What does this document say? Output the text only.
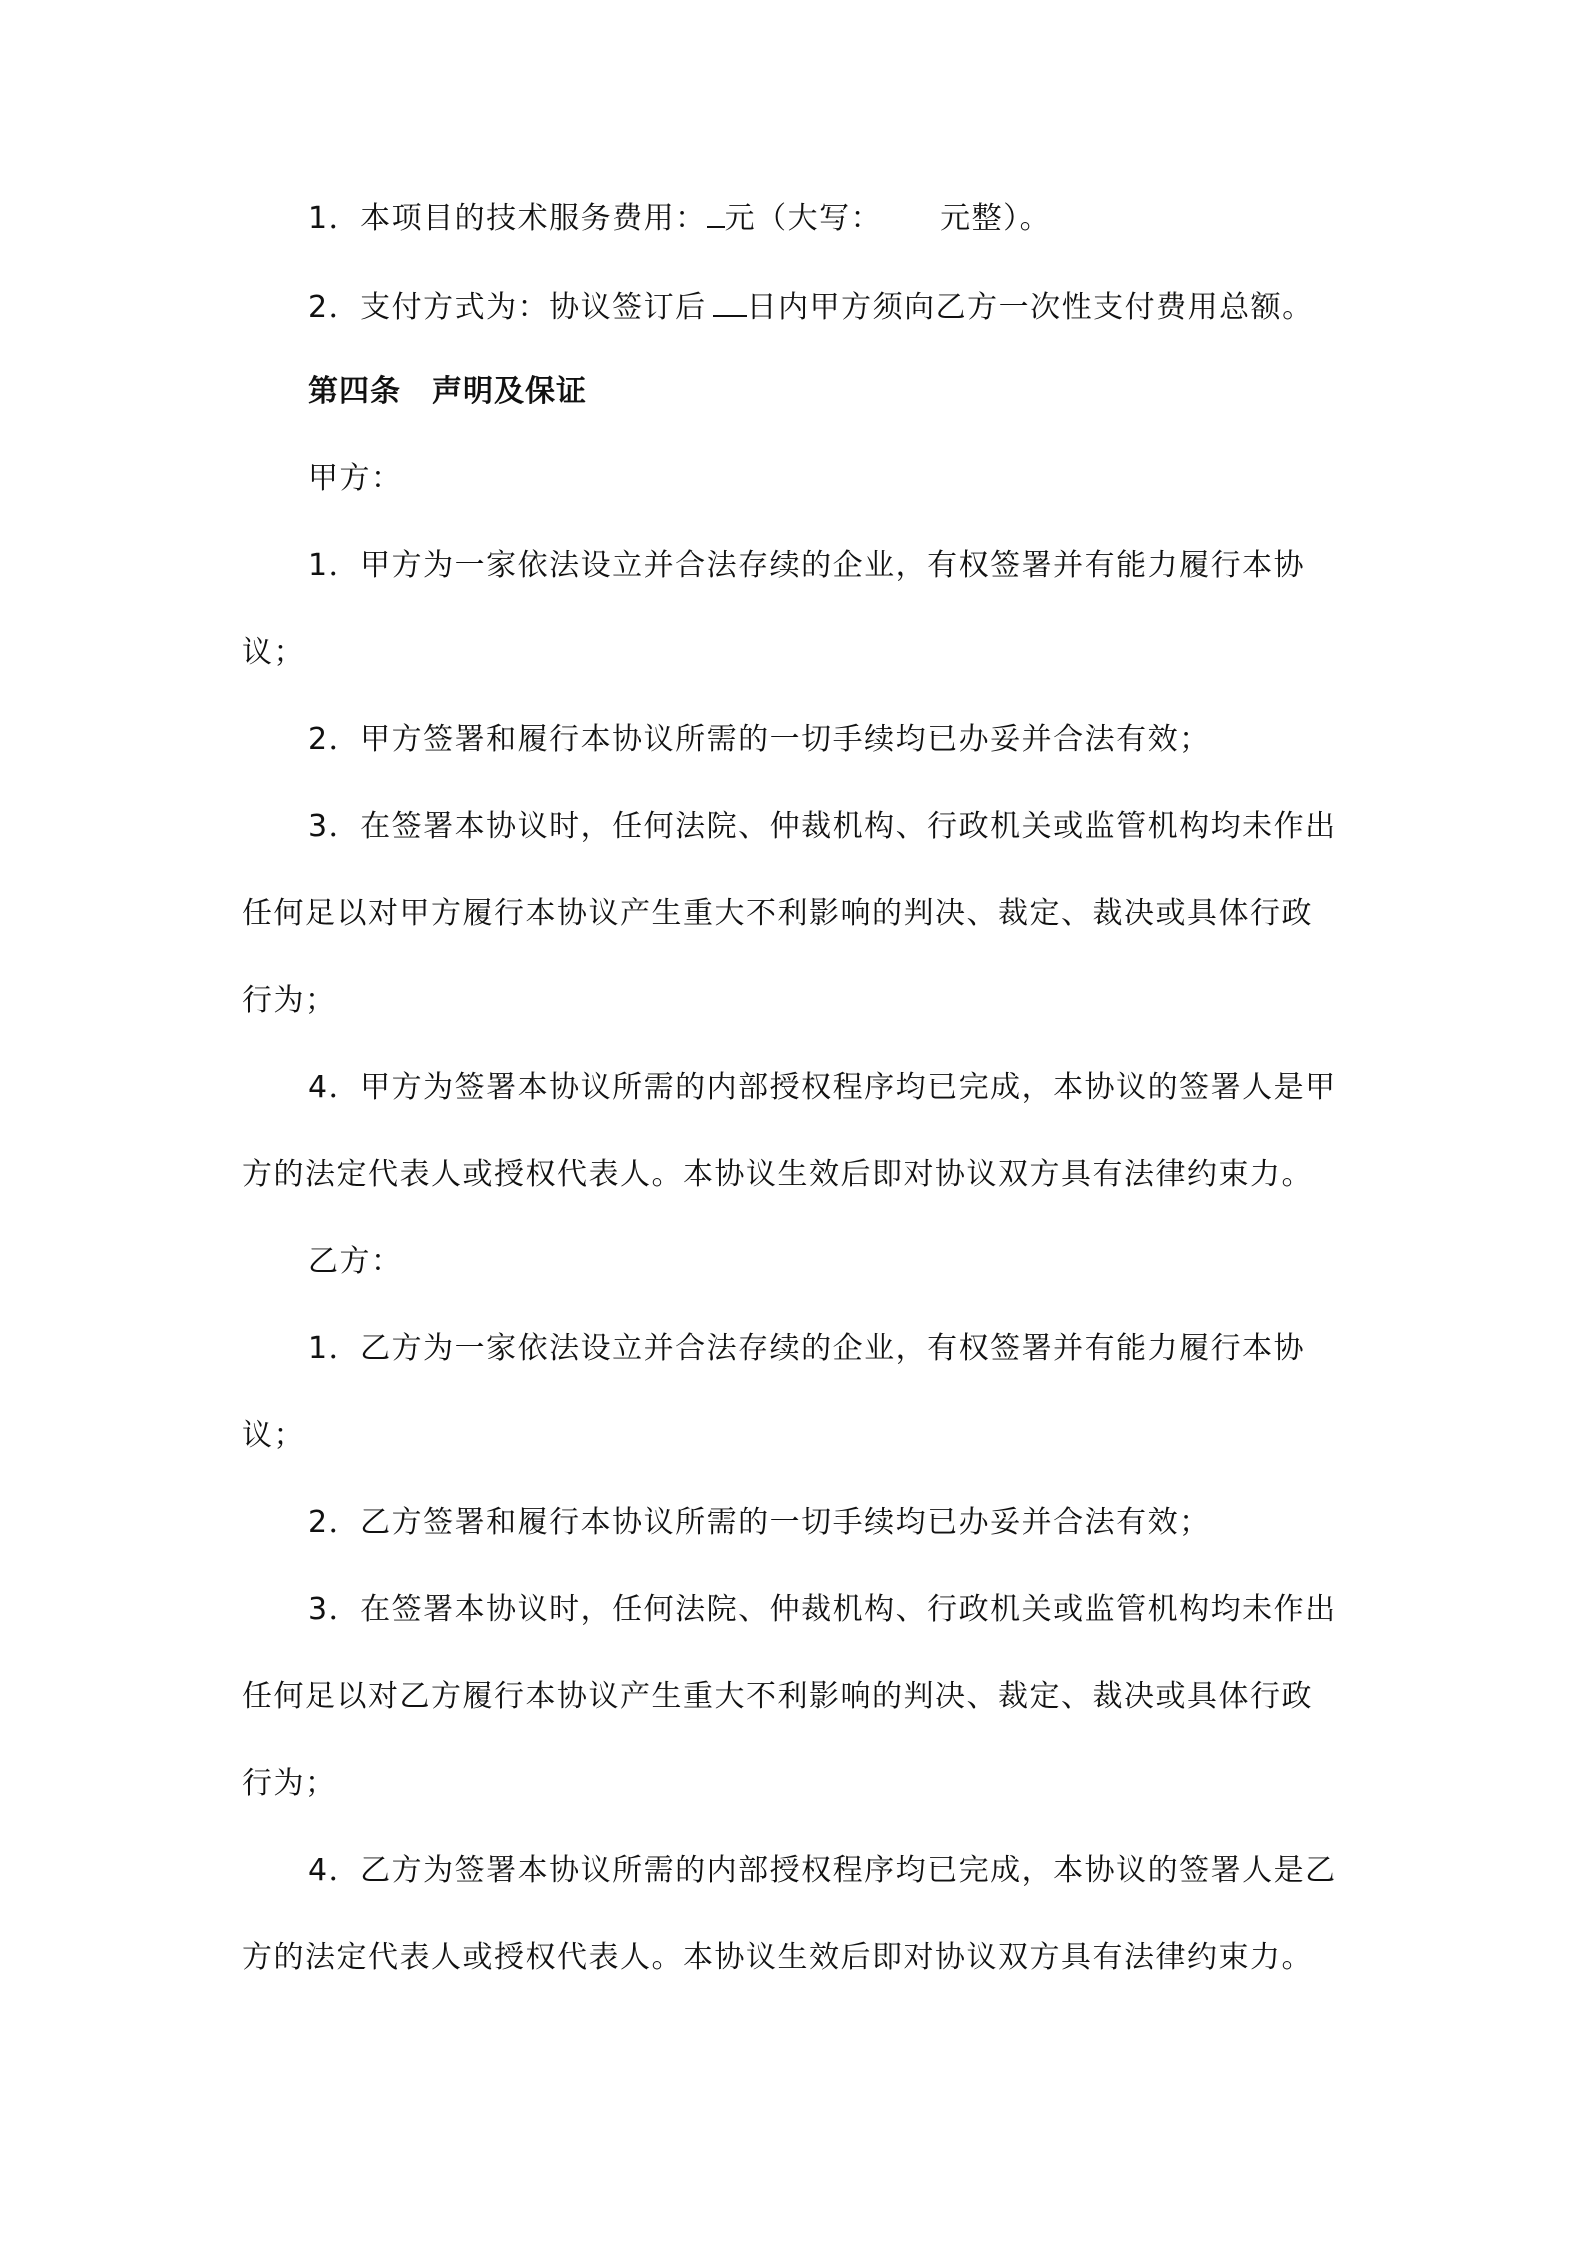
1．本项目的技术服务费用： 元（大写： 元整）。
2．支付方式为：协议签订后 日内甲方须向乙方一次性支付费用总额。
第四条　声明及保证
甲方：
1．甲方为一家依法设立并合法存续的企业，有权签署并有能力履行本协
议；
2．甲方签署和履行本协议所需的一切手续均已办妥并合法有效；
3．在签署本协议时，任何法院、仲裁机构、行政机关或监管机构均未作出
任何足以对甲方履行本协议产生重大不利影响的判决、裁定、裁决或具体行政
行为；
4．甲方为签署本协议所需的内部授权程序均已完成，本协议的签署人是甲
方的法定代表人或授权代表人。本协议生效后即对协议双方具有法律约束力。
乙方：
1．乙方为一家依法设立并合法存续的企业，有权签署并有能力履行本协
议；
2．乙方签署和履行本协议所需的一切手续均已办妥并合法有效；
3．在签署本协议时，任何法院、仲裁机构、行政机关或监管机构均未作出
任何足以对乙方履行本协议产生重大不利影响的判决、裁定、裁决或具体行政
行为；
4．乙方为签署本协议所需的内部授权程序均已完成，本协议的签署人是乙
方的法定代表人或授权代表人。本协议生效后即对协议双方具有法律约束力。
